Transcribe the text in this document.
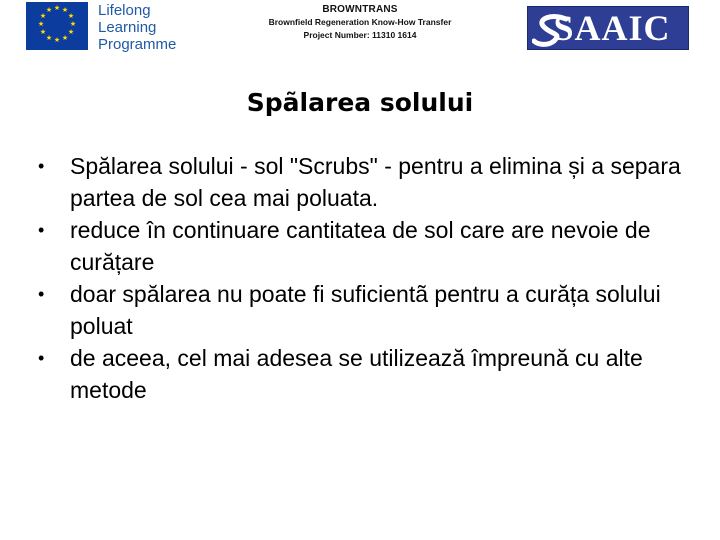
★ ★
★
★
★
★
★
★
★
★
★
★	Lifelong
Learning
Programme
BROWNTRANS
Brownfield Regeneration Know-How Transfer
Project Number: 11310 1614	SAAIC
Spãlarea solului
• Spălarea solului - sol "Scrubs" - pentru a elimina și a separa partea de sol cea mai poluata.
• reduce în continuare cantitatea de sol care are nevoie de curățare
• doar spălarea nu poate fi suficientã pentru a curăța solului poluat
• de aceea, cel mai adesea se utilizează împreună cu alte metode
